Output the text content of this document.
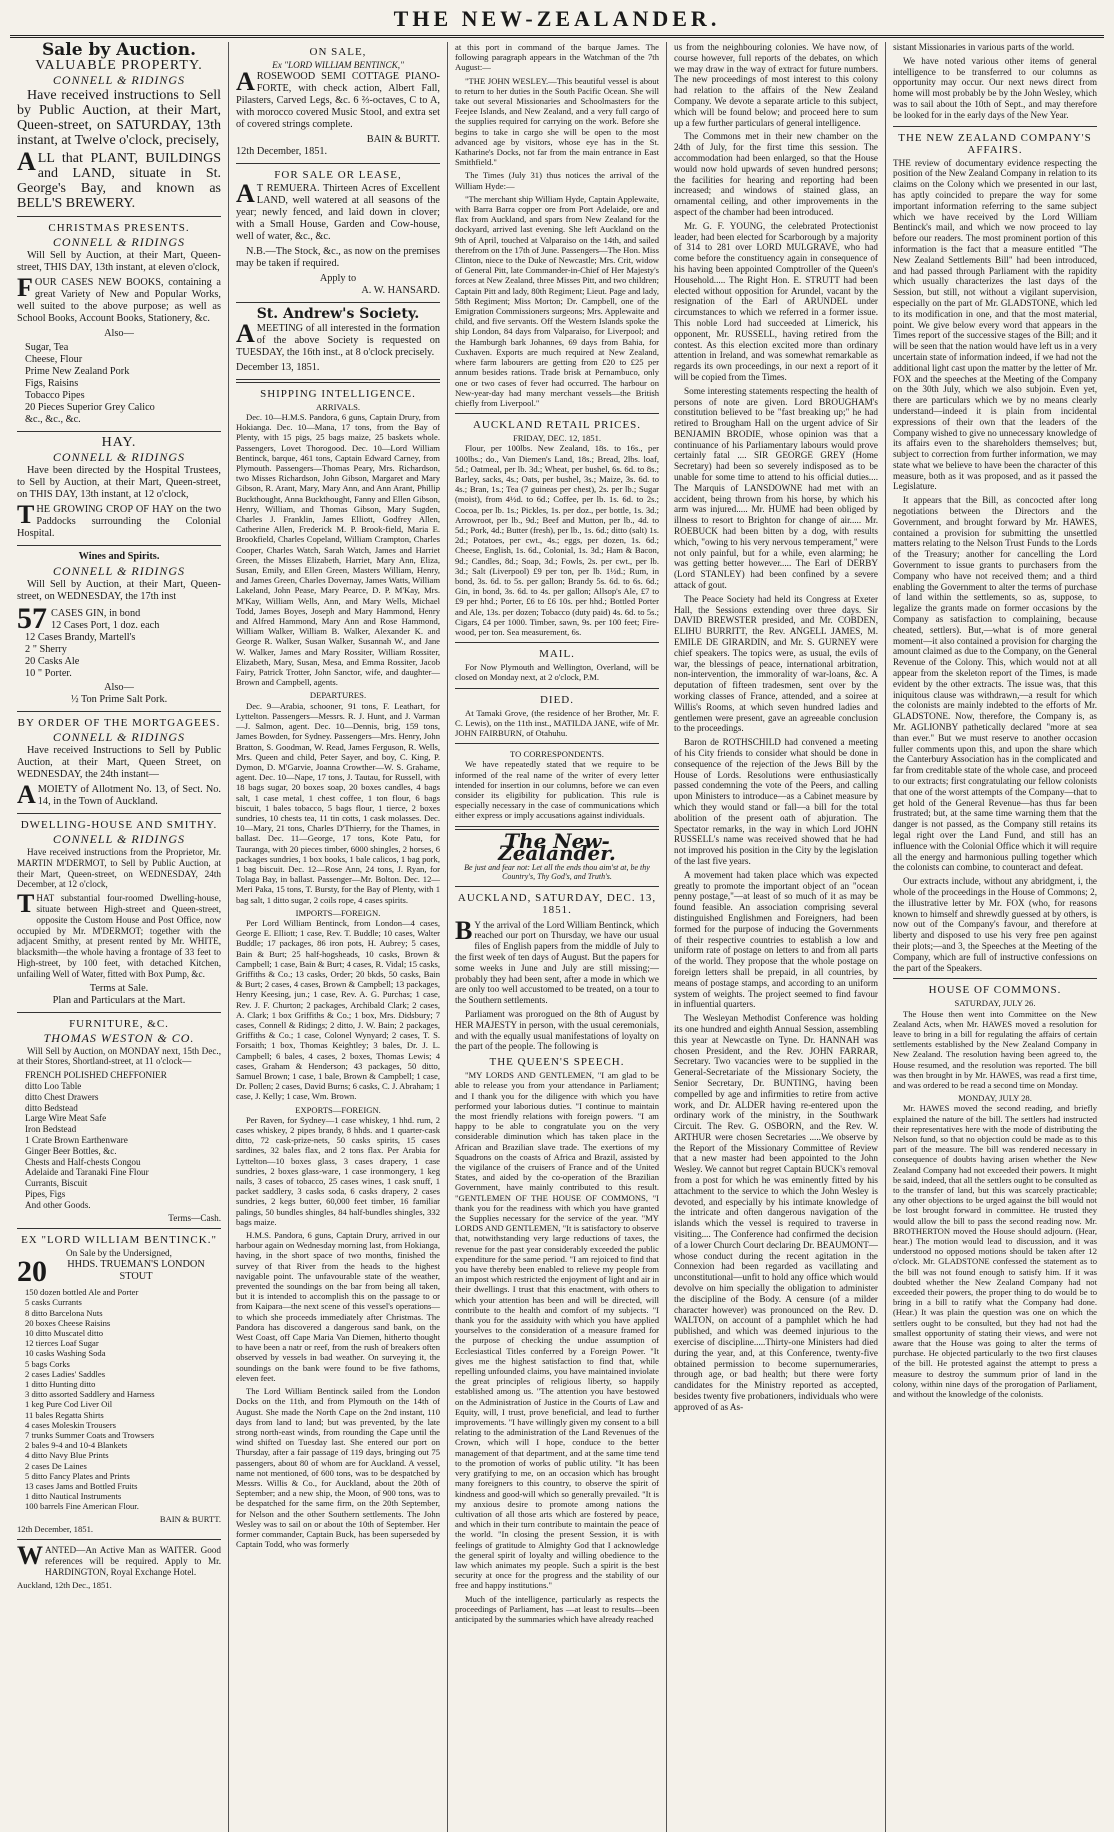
THE NEW-ZEALANDER.
Sale by Auction.
VALUABLE PROPERTY.
CONNELL & RIDINGS

Have received instructions to Sell by Public Auction, at their Mart, Queen-street, on SATURDAY, 13th instant, at Twelve o'clock, precisely,

ALL that PLANT, BUILDINGS and LAND, situate in St. George's Bay, and known as BELL'S BREWERY.

CHRISTMAS PRESENTS.
CONNELL & RIDINGS

Will Sell by Auction, at their Mart, Queen-street, THIS DAY, 13th instant, at eleven o'clock,

FOUR CASES NEW BOOKS, containing a great Variety of New and Popular Works, well suited to the above purpose; as well as School Books, Account Books, Stationery, &c.

Also—
Sugar, Tea
Cheese, Flour
Prime New Zealand Pork
Figs, Raisins
Tobacco Pipes
20 Pieces Superior Grey Calico
&c., &c., &c.
HAY.
CONNELL & RIDINGS

Have been directed by the Hospital Trustees, to Sell by Auction, at their Mart, Queen-street, on THIS DAY, 13th instant, at 12 o'clock,

THE GROWING CROP OF HAY on the two Paddocks surrounding the Colonial Hospital.

Wines and Spirits.
CONNELL & RIDINGS

Will Sell by Auction, at their Mart, Queen-street, on WEDNESDAY, the 17th inst

57 CASES GIN, in bond
12 Cases Port, 1 doz. each
12 Cases Brandy, Martell's
2 " Sherry
20 Casks Ale
10 " Porter.
Also—
½ Ton Prime Salt Pork.
BY ORDER OF THE MORTGAGEES.
CONNELL & RIDINGS

Have received Instructions to Sell by Public Auction, at their Mart, Queen Street, on WEDNESDAY, the 24th instant—

AMOIETY of Allotment No. 13, of Sect. No. 14, in the Town of Auckland.

DWELLING-HOUSE AND SMITHY.
CONNELL & RIDINGS

Have received instructions from the Proprietor, Mr. MARTIN M'DERMOT, to Sell by Public Auction, at their Mart, Queen-street, on WEDNESDAY, 24th December, at 12 o'clock,

THAT substantial four-roomed Dwelling-house, situate between High-street and Queen-street, opposite the Custom House and Post Office, now occupied by Mr. M'DERMOT; together with the adjacent Smithy, at present rented by Mr. WHITE, blacksmith—the whole having a frontage of 33 feet to High-street, by 100 feet, with detached Kitchen, unfailing Well of Water, fitted with Box Pump, &c.

Terms at Sale.
Plan and Particulars at the Mart.
FURNITURE, &C.
THOMAS WESTON & CO.

Will Sell by Auction, on MONDAY next, 15th Dec., at their Stores, Shortland-street, at 11 o'clock—

FRENCH POLISHED CHEFFONIER
ditto Loo Table
ditto Chest Drawers
ditto Bedstead
Large Wire Meat Safe
Iron Bedstead
1 Crate Brown Earthenware
Ginger Beer Bottles, &c.
Chests and Half-chests Congou
Adelaide and Taranaki Fine Flour
Currants, Biscuit
Pipes, Figs
And other Goods.
Terms—Cash.
EX "LORD WILLIAM BENTINCK."
On Sale by the Undersigned,
20	HHDS. TRUEMAN'S LONDON STOUT
150 dozen bottled Ale and Porter
5 casks Currants
8 ditto Barcelona Nuts
20 boxes Cheese Raisins
10 ditto Muscatel ditto
12 tierces Loaf Sugar
10 casks Washing Soda
5 bags Corks
2 cases Ladies' Saddles
1 ditto Hunting ditto
3 ditto assorted Saddlery and Harness
1 keg Pure Cod Liver Oil
11 bales Regatta Shirts
4 cases Moleskin Trousers
7 trunks Summer Coats and Trowsers
2 bales 9-4 and 10-4 Blankets
4 ditto Navy Blue Prints
2 cases De Laines
5 ditto Fancy Plates and Prints
13 cases Jams and Bottled Fruits
1 ditto Nautical Instruments
100 barrels Fine American Flour.
BAIN & BURTT.
12th December, 1851.

WANTED—An Active Man as WAITER. Good references will be required. Apply to Mr. HARDINGTON, Royal Exchange Hotel.

Auckland, 12th Dec., 1851.
ON SALE,
Ex "LORD WILLIAM BENTINCK,"

AROSEWOOD SEMI COTTAGE PIANO-FORTE, with check action, Albert Fall, Pilasters, Carved Legs, &c. 6 ⅔-octaves, C to A, with morocco covered Music Stool, and extra set of covered strings complete.

BAIN & BURTT.
12th December, 1851.
FOR SALE OR LEASE,

AT REMUERA. Thirteen Acres of Excellent LAND, well watered at all seasons of the year; newly fenced, and laid down in clover; with a Small House, Garden and Cow-house, well of water, &c., &c.

N.B.—The Stock, &c., as now on the premises may be taken if required.

Apply to
A. W. HANSARD.
St. Andrew's Society.

AMEETING of all interested in the formation of the above Society is requested on TUESDAY, the 16th inst., at 8 o'clock precisely.

December 13, 1851.
SHIPPING INTELLIGENCE.
ARRIVALS.

Dec. 10—H.M.S. Pandora, 6 guns, Captain Drury, from Hokianga. Dec. 10—Mana, 17 tons, from the Bay of Plenty, with 15 pigs, 25 bags maize, 25 baskets whole. Passengers, Lovet Thorogood. Dec. 10—Lord William Bentinck, barque, 461 tons, Captain Edward Carney, from Plymouth. Passengers—Thomas Peary, Mrs. Richardson, two Misses Richardson, John Gibson, Margaret and Mary Gibson, R. Arant, Mary, Mary Ann, and Ann Arant, Phillip Buckthought, Anna Buckthought, Fanny and Ellen Gibson, Henry, William, and Thomas Gibson, Mary Sugden, Charles J. Franklin, James Elliott, Godfrey Allen, Catherine Allen, Frederick M. P. Brook-field, Maria E. Brookfield, Charles Copeland, William Crampton, Charles Cooper, Charles Watch, Sarah Watch, James and Harriet Green, the Misses Elizabeth, Harriet, Mary Ann, Eliza, Susan, Emily, and Ellen Green, Masters William, Henry, and James Green, Charles Dovernay, James Watts, William Lakeland, John Pease, Mary Pearce, D. P. M'Kay, Mrs. M'Kay, William Wells, Ann, and Mary Wells, Michael Todd, James Boyes, Joseph and Mary Hammond, Henry and Alfred Hammond, Mary Ann and Rose Hammond, William Walker, William B. Walker, Alexander K. and George R. Walker, Susan Walker, Susannah W., and Jane W. Walker, James and Mary Rossiter, William Rossiter, Elizabeth, Mary, Susan, Mesa, and Emma Rossiter, Jacob Fairy, Patrick Trotter, John Sanctor, wife, and daughter—Brown and Campbell, agents.

DEPARTURES.

Dec. 9—Arabia, schooner, 91 tons, F. Leathart, for Lyttelton. Passengers—Messrs. R. J. Hunt, and J. Varman—J. Salmon, agent. Dec. 10—Dennis, brig, 159 tons, James Bowden, for Sydney. Passengers—Mrs. Henry, John Bratton, S. Goodman, W. Read, James Ferguson, R. Wells, Mrs. Queen and child, Peter Sayer, and boy, C. King, P. Dymon, D. M'Garvie, Joanna Crowther—W. S. Grahame, agent. Dec. 10—Nape, 17 tons, J. Tautau, for Russell, with 18 bags sugar, 20 boxes soap, 20 boxes candles, 4 bags salt, 1 case metal, 1 chest coffee, 1 ton flour, 6 bags biscuit, 1 bales tobacco, 5 bags flour, 1 tierce, 2 boxes sundries, 10 chests tea, 11 tin cotts, 1 cask molasses. Dec. 10—Mary, 21 tons, Charles D'Thierry, for the Thames, in ballast. Dec. 11—George, 17 tons, Kote Patu, for Tauranga, with 20 pieces timber, 6000 shingles, 2 horses, 6 packages sundries, 1 box books, 1 bale calicos, 1 bag pork, 1 bag biscuit. Dec. 12—Rose Ann, 24 tons, J. Ryan, for Tolaga Bay, in ballast. Passenger—Mr. Bolton. Dec. 12—Meri Paka, 15 tons, T. Bursty, for the Bay of Plenty, with 1 bag salt, 1 ditto sugar, 2 coils rope, 4 cases spirits.

IMPORTS—FOREIGN.

Per Lord William Bentinck, from London—4 cases, George E. Elliott; 1 case, Rev. T. Buddle; 10 cases, Walter Buddle; 17 packages, 86 iron pots, H. Aubrey; 5 cases, Bain & Burt; 25 half-hogsheads, 10 casks, Brown & Campbell; 1 case, Bain & Burt; 4 cases, R. Vidal; 15 casks, Griffiths & Co.; 13 casks, Order; 20 bkds, 50 casks, Bain & Burt; 2 cases, 4 cases, Brown & Campbell; 13 packages, Henry Keesing, jun.; 1 case, Rev. A. G. Purchas; 1 case, Rev. J. F. Churton; 2 packages, Archibald Clark; 2 cases, A. Clark; 1 box Griffiths & Co.; 1 box, Mrs. Didsbury; 7 cases, Connell & Ridings; 2 ditto, J. W. Bain; 2 packages, Griffiths & Co.; 1 case, Colonel Wynyard; 2 cases, T. S. Forsaith; 1 box, Thomas Keightley; 3 bales, Dr. J. L. Campbell; 6 bales, 4 cases, 2 boxes, Thomas Lewis; 4 cases, Graham & Henderson; 43 packages, 50 ditto, Samuel Brown; 1 case, 1 bale, Brown & Campbell; 1 case, Dr. Pollen; 2 cases, David Burns; 6 casks, C. J. Abraham; 1 case, J. Kelly; 1 case, Wm. Brown.

EXPORTS—FOREIGN.

Per Raven, for Sydney—1 case whiskey, 1 hhd. rum, 2 cases whiskey, 2 pipes brandy, 8 hhds. and 1 quarter-cask ditto, 72 cask-prize-nets, 50 casks spirits, 15 cases sardines, 32 bales flax, and 2 tons flax. Per Arabia for Lyttelton—10 boxes glass, 3 cases drapery, 1 case sundries, 2 boxes glass-ware, 1 case ironmongery, 1 keg nails, 3 cases of tobacco, 25 cases wines, 1 cask snuff, 1 packet saddlery, 3 casks soda, 6 casks drapery, 2 cases sundries, 2 kegs butter, 60,000 feet timber, 16 familiar palings, 50 bundles shingles, 84 half-bundles shingles, 332 bags maize.

H.M.S. Pandora, 6 guns, Captain Drury, arrived in our harbour again on Wednesday morning last, from Hokianga, having, in the short space of two months, finished the survey of that River from the heads to the highest navigable point. The unfavourable state of the weather, prevented the soundings on the bar from being all taken, but it is intended to accomplish this on the passage to or from Kaipara—the next scene of this vessel's operations—to which she proceeds immediately after Christmas. The Pandora has discovered a dangerous sand bank, on the West Coast, off Cape Maria Van Diemen, hitherto thought to have been a natr or reef, from the rush of breakers often observed by vessels in bad weather. On surveying it, the soundings on the bank were found to be five fathoms, eleven feet.

The Lord William Bentinck sailed from the London Docks on the 11th, and from Plymouth on the 14th of August. She made the North Cape on the 2nd instant, 110 days from land to land; but was prevented, by the late strong north-east winds, from rounding the Cape until the wind shifted on Tuesday last. She entered our port on Thursday, after a fair passage of 119 days, bringing out 75 passengers, about 80 of whom are for Auckland. A vessel, name not mentioned, of 600 tons, was to be despatched by Messrs. Willis & Co., for Auckland, about the 20th of September; and a new ship, the Moon, of 900 tons, was to be despatched for the same firm, on the 20th September, for Nelson and the other Southern settlements. The John Wesley was to sail on or about the 10th of September. Her former commander, Captain Buck, has been superseded by Captain Todd, who was formerly

at this port in command of the barque James. The following paragraph appears in the Watchman of the 7th August:—

"THE JOHN WESLEY.—This beautiful vessel is about to return to her duties in the South Pacific Ocean. She will take out several Missionaries and Schoolmasters for the Feejee Islands, and New Zealand, and a very full cargo of the supplies required for carrying on the work. Before she begins to take in cargo she will be open to the most advanced age by visitors, whose eye has in the St. Katharine's Docks, not far from the main entrance in East Smithfield."

The Times (July 31) thus notices the arrival of the William Hyde:—

"The merchant ship William Hyde, Captain Applewaite, with Barra Barra copper ore from Port Adelaide, ore and flax from Auckland, and spars from New Zealand for the dockyard, arrived last evening. She left Auckland on the 9th of April, touched at Valparaiso on the 14th, and sailed therefrom on the 17th of June. Passengers—The Hon. Miss Clinton, niece to the Duke of Newcastle; Mrs. Crit, widow of General Pitt, late Commander-in-Chief of Her Majesty's forces at New Zealand, three Misses Pitt, and two children; Captain Pitt and lady, 80th Regiment; Lieut. Page and lady, 58th Regiment; Miss Morton; Dr. Campbell, one of the Emigration Commissioners surgeons; Mrs. Applewaite and child, and five servants. Off the Western Islands spoke the ship London, 84 days from Valparaiso, for Liverpool; and the Hamburgh bark Johannes, 69 days from Bahia, for Cuxhaven. Exports are much required at New Zealand, where farm labourers are getting from £20 to £25 per annum besides rations. Trade brisk at Pernambuco, only one or two cases of fever had occurred. The harbour on New-year-day had many merchant vessels—the British chiefly from Liverpool."

AUCKLAND RETAIL PRICES.
FRIDAY, DEC. 12, 1851.

Flour, per 100lbs. New Zealand, 18s. to 16s., per 100lbs.; do., Van Diemen's Land, 18s.; Bread, 2lbs. loaf, 5d.; Oatmeal, per lb. 3d.; Wheat, per bushel, 6s. 6d. to 8s.; Barley, sacks, 4s.; Oats, per bushel, 3s.; Maize, 3s. 6d. to 4s.; Bran, 1s.; Tea (7 guineas per chest), 2s. per lb.; Sugar (moist), from 4½d. to 6d.; Coffee, per lb. 1s. 6d. to 2s.; Cocoa, per lb. 1s.; Pickles, 1s. per doz., per bottle, 1s. 3d.; Arrowroot, per lb., 9d.; Beef and Mutton, per lb., 4d. to 5d.; Pork, 4d.; Butter (fresh), per lb., 1s. 6d.; ditto (salt) 1s. 2d.; Potatoes, per cwt., 4s.; eggs, per dozen, 1s. 6d.; Cheese, English, 1s. 6d., Colonial, 1s. 3d.; Ham & Bacon, 9d.; Candles, 8d.; Soap, 3d.; Fowls, 2s. per cwt., per lb. 3d.; Salt (Liverpool) £9 per ton, per lb. 1½d.; Rum, in bond, 3s. 6d. to 5s. per gallon; Brandy 5s. 6d. to 6s. 6d.; Gin, in bond, 3s. 6d. to 4s. per gallon; Allsop's Ale, £7 to £9 per hhd.; Porter, £6 to £6 10s. per hhd.; Bottled Porter and Ale, 13s. per dozen; Tobacco (duty paid) 4s. 6d. to 5s.; Cigars, £4 per 1000. Timber, sawn, 9s. per 100 feet; Fire-wood, per ton. Sea measurement, 6s.

MAIL.

For Now Plymouth and Wellington, Overland, will be closed on Monday next, at 2 o'clock, P.M.

DIED.

At Tamaki Grove, (the residence of her Brother, Mr. F. C. Lewis), on the 11th inst., MATILDA JANE, wife of Mr. JOHN FAIRBURN, of Otahuhu.

TO CORRESPONDENTS.

We have repeatedly stated that we require to be informed of the real name of the writer of every letter intended for insertion in our columns, before we can even consider its eligibility for publication. This rule is especially necessary in the case of communications which either express or imply accusations against individuals.

The New-Zealander.
Be just and fear not: Let all the ends thou aim'st at, be thy Country's, Thy God's, and Truth's.
AUCKLAND, SATURDAY, DEC. 13, 1851.

BY the arrival of the Lord William Bentinck, which reached our port on Thursday, we have our usual files of English papers from the middle of July to the first week of ten days of August. But the papers for some weeks in June and July are still missing;—probably they had been sent, after a mode in which we are only too well accustomed to be treated, on a tour to the Southern settlements.

Parliament was prorogued on the 8th of August by HER MAJESTY in person, with the usual ceremonials, and with the equally usual manifestations of loyalty on the part of the people. The following is

THE QUEEN'S SPEECH.

"MY LORDS AND GENTLEMEN, "I am glad to be able to release you from your attendance in Parliament; and I thank you for the diligence with which you have performed your laborious duties. "I continue to maintain the most friendly relations with foreign powers. "I am happy to be able to congratulate you on the very considerable diminution which has taken place in the African and Brazilian slave trade. The exertions of my Squadrons on the coasts of Africa and Brazil, assisted by the vigilance of the cruisers of France and of the United States, and aided by the co-operation of the Brazilian Government, have mainly contributed to this result. "GENTLEMEN OF THE HOUSE OF COMMONS, "I thank you for the readiness with which you have granted the Supplies necessary for the service of the year. "MY LORDS AND GENTLEMEN, "It is satisfactory to observe that, notwithstanding very large reductions of taxes, the revenue for the past year considerably exceeded the public expenditure for the same period. "I am rejoiced to find that you have thereby been enabled to relieve my people from an impost which restricted the enjoyment of light and air in their dwellings. I trust that this enactment, with others to which your attention has been and will be directed, will contribute to the health and comfort of my subjects. "I thank you for the assiduity with which you have applied yourselves to the consideration of a measure framed for the purpose of checking the undue assumption of Ecclesiastical Titles conferred by a Foreign Power. "It gives me the highest satisfaction to find that, while repelling unfounded claims, you have maintained inviolate the great principles of religious liberty, so happily established among us. "The attention you have bestowed on the Administration of Justice in the Courts of Law and Equity, will, I trust, prove beneficial, and lead to further improvements. "I have willingly given my consent to a bill relating to the administration of the Land Revenues of the Crown, which will I hope, conduce to the better management of that department, and at the same time tend to the promotion of works of public utility. "It has been very gratifying to me, on an occasion which has brought many foreigners to this country, to observe the spirit of kindness and good-will which so generally prevailed. "It is my anxious desire to promote among nations the cultivation of all those arts which are fostered by peace, and which in their turn contribute to maintain the peace of the world. "In closing the present Session, it is with feelings of gratitude to Almighty God that I acknowledge the general spirit of loyalty and willing obedience to the law which animates my people. Such a spirit is the best security at once for the progress and the stability of our free and happy institutions."

Much of the intelligence, particularly as respects the proceedings of Parliament, has —at least to results—been anticipated by the summaries which have already reached

us from the neighbouring colonies. We have now, of course however, full reports of the debates, on which we may draw in the way of extract for future numbers. The new proceedings of most interest to this colony had relation to the affairs of the New Zealand Company. We devote a separate article to this subject, which will be found below; and proceed here to sum up a few further particulars of general intelligence.

The Commons met in their new chamber on the 24th of July, for the first time this session. The accommodation had been enlarged, so that the House would now hold upwards of seven hundred persons; the facilities for hearing and reporting had been increased; and windows of stained glass, an ornamental ceiling, and other improvements in the aspect of the chamber had been introduced.

Mr. G. F. YOUNG, the celebrated Protectionist leader, had been elected for Scarborough by a majority of 314 to 281 over LORD MULGRAVE, who had come before the constituency again in consequence of his having been appointed Comptroller of the Queen's Household..... The Right Hon. E. STRUTT had been elected without opposition for Arundel, vacant by the resignation of the Earl of ARUNDEL under circumstances to which we referred in a former issue. This noble Lord had succeeded at Limerick, his opponent, Mr. RUSSELL, having retired from the contest. As this election excited more than ordinary attention in Ireland, and was somewhat remarkable as regards its own proceedings, in our next a report of it will be copied from the Times.

Some interesting statements respecting the health of persons of note are given. Lord BROUGHAM's constitution believed to be "fast breaking up;" he had retired to Brougham Hall on the urgent advice of Sir BENJAMIN BRODIE, whose opinion was that a continuance of his Parliamentary labours would prove certainly fatal .... SIR GEORGE GREY (Home Secretary) had been so severely indisposed as to be unable for some time to attend to his official duties.... The Marquis of LANSDOWNE had met with an accident, being thrown from his horse, by which his arm was injured..... Mr. HUME had been obliged by illness to resort to Brighton for change of air..... Mr. ROEBUCK had been bitten by a dog, with results which, "owing to his very nervous temperament," were not only painful, but for a while, even alarming; he was getting better however..... The Earl of DERBY (Lord STANLEY) had been confined by a severe attack of gout.

The Peace Society had held its Congress at Exeter Hall, the Sessions extending over three days. Sir DAVID BREWSTER presided, and Mr. COBDEN, ELIHU BURRITT, the Rev. ANGELL JAMES, M. EMILE DE GIRARDIN, and Mr. S. GURNEY were chief speakers. The topics were, as usual, the evils of war, the blessings of peace, international arbitration, non-intervention, the immorality of war-loans, &c. A deputation of fifteen tradesmen, sent over by the working classes of France, attended, and a soiree at Willis's Rooms, at which seven hundred ladies and gentlemen were present, gave an agreeable conclusion to the proceedings.

Baron de ROTHSCHILD had convened a meeting of his City friends to consider what should be done in consequence of the rejection of the Jews Bill by the House of Lords. Resolutions were enthusiastically passed condemning the vote of the Peers, and calling upon Ministers to introduce—as a Cabinet measure by which they would stand or fall—a bill for the total abolition of the present oath of abjuration. The Spectator remarks, in the way in which Lord JOHN RUSSELL's name was received showed that he had not improved his position in the City by the legislation of the last five years.

A movement had taken place which was expected greatly to promote the important object of an "ocean penny postage,"—at least of so much of it as may be found feasible. An association comprising several distinguished Englishmen and Foreigners, had been formed for the purpose of inducing the Governments of their respective countries to establish a low and uniform rate of postage on letters to and from all parts of the world. They propose that the whole postage on foreign letters shall be prepaid, in all countries, by means of postage stamps, and according to an uniform system of weights. The project seemed to find favour in influential quarters.

The Wesleyan Methodist Conference was holding its one hundred and eighth Annual Session, assembling this year at Newcastle on Tyne. Dr. HANNAH was chosen President, and the Rev. JOHN FARRAR, Secretary. Two vacancies were to be supplied in the General-Secretariate of the Missionary Society, the Senior Secretary, Dr. BUNTING, having been compelled by age and infirmities to retire from active work, and Dr. ALDER having re-entered upon the ordinary work of the ministry, in the Southwark Circuit. The Rev. G. OSBORN, and the Rev. W. ARTHUR were chosen Secretaries .....We observe by the Report of the Missionary Committee of Review that a new master had been appointed to the John Wesley. We cannot but regret Captain BUCK's removal from a post for which he was eminently fitted by his attachment to the service to which the John Wesley is devoted, and especially by his intimate knowledge of the intricate and often dangerous navigation of the islands which the vessel is required to traverse in visiting.... The Conference had confirmed the decision of a lower Church Court declaring Dr. BEAUMONT—whose conduct during the recent agitation in the Connexion had been regarded as vacillating and unconstitutional—unfit to hold any office which would devolve on him specially the obligation to administer the discipline of the Body. A censure (of a milder character however) was pronounced on the Rev. D. WALTON, on account of a pamphlet which he had published, and which was deemed injurious to the exercise of discipline.....Thirty-one Ministers had died during the year, and, at this Conference, twenty-five obtained permission to become supernumeraries, through age, or bad health; but there were forty candidates for the Ministry reported as accepted, besides twenty five probationers, individuals who were approved of as As-

sistant Missionaries in various parts of the world.

We have noted various other items of general intelligence to be transferred to our columns as opportunity may occur. Our next news direct from home will most probably be by the John Wesley, which was to sail about the 10th of Sept., and may therefore be looked for in the early days of the New Year.

THE NEW ZEALAND COMPANY'S AFFAIRS.

THE review of documentary evidence respecting the position of the New Zealand Company in relation to its claims on the Colony which we presented in our last, has aptly coincided to prepare the way for some important information referring to the same subject which we have received by the Lord William Bentinck's mail, and which we now proceed to lay before our readers. The most prominent portion of this information is the fact that a measure entitled "The New Zealand Settlements Bill" had been introduced, and had passed through Parliament with the rapidity which usually characterizes the last days of the Session, but still, not without a vigilant supervision, especially on the part of Mr. GLADSTONE, which led to its modification in one, and that the most material, point. We give below every word that appears in the Times report of the successive stages of the Bill; and it will be seen that the nation would have left us in a very uncertain state of information indeed, if we had not the additional light cast upon the matter by the letter of Mr. FOX and the speeches at the Meeting of the Company on the 30th July, which we also subjoin. Even yet, there are particulars which we by no means clearly understand—indeed it is plain from incidental expressions of their own that the leaders of the Company wished to give no unnecessary knowledge of its affairs even to the shareholders themselves; but, subject to correction from further information, we may state what we believe to have been the character of this measure, both as it was proposed, and as it passed the Legislature.

It appears that the Bill, as concocted after long negotiations between the Directors and the Government, and brought forward by Mr. HAWES, contained a provision for submitting the unsettled matters relating to the Nelson Trust Funds to the Lords of the Treasury; another for cancelling the Lord Government to issue grants to purchasers from the Company who have not received them; and a third enabling the Government to alter the terms of purchase of land within the settlements, so as, suppose, to legalize the grants made on former occasions by the Company as satisfaction to complaining, because cheated, settlers). But,—what is of more general moment—it also contained a provision for charging the amount claimed as due to the Company, on the General Revenue of the Colony. This, which would not at all appear from the skeleton report of the Times, is made evident by the other extracts. The issue was, that this iniquitous clause was withdrawn,—a result for which the colonists are mainly indebted to the efforts of Mr. GLADSTONE. Now, therefore, the Company is, as Mr. AGLIONBY pathetically declared "more at sea than ever." But we must reserve to another occasion fuller comments upon this, and upon the share which the Canterbury Association has in the complicated and far from creditable state of the whole case, and proceed to our extracts; first congratulating our fellow colonists that one of the worst attempts of the Company—that to get hold of the General Revenue—has thus far been frustrated; but, at the same time warning them that the danger is not passed, as the Company still retains its legal right over the Land Fund, and still has an influence with the Colonial Office which it will require all the energy and harmonious pulling together which the colonists can combine, to counteract and defeat.

Our extracts include, without any abridgment, i, the whole of the proceedings in the House of Commons; 2, the illustrative letter by Mr. FOX (who, for reasons known to himself and shrewdly guessed at by others, is now out of the Company's favour, and therefore at liberty and disposed to use his very free pen against their plots;—and 3, the Speeches at the Meeting of the Company, which are full of instructive confessions on the part of the Speakers.

HOUSE OF COMMONS.
SATURDAY, JULY 26.

The House then went into Committee on the New Zealand Acts, when Mr. HAWES moved a resolution for leave to bring in a bill for regulating the affairs of certain settlements established by the New Zealand Company in New Zealand. The resolution having been agreed to, the House resumed, and the resolution was reported. The bill was then brought in by Mr. HAWES, was read a first time, and was ordered to be read a second time on Monday.

MONDAY, JULY 28.

Mr. HAWES moved the second reading, and briefly explained the nature of the bill. The settlers had instructed their representatives here with the mode of distributing the Nelson fund, so that no objection could be made as to this part of the measure. The bill was rendered necessary in consequence of doubts having arisen whether the New Zealand Company had not exceeded their powers. It might be said, indeed, that all the settlers ought to be consulted as to the transfer of land, but this was scarcely practicable; any other objections to be urged against the bill would not be lost brought forward in committee. He trusted they would allow the bill to pass the second reading now. Mr. BROTHERTON moved the House should adjourn. (Hear, hear.) The motion would lead to discussion, and it was understood no opposed motions should be taken after 12 o'clock. Mr. GLADSTONE confessed the statement as to the bill was not found enough to satisfy him. If it was doubted whether the New Zealand Company had not exceeded their powers, the proper thing to do would be to bring in a bill to ratify what the Company had done. (Hear.) It was plain the question was one on which the settlers ought to be consulted, but they had not had the smallest opportunity of stating their views, and were not aware that the House was going to alter the terms of purchase. He objected particularly to the two first clauses of the bill. He protested against the attempt to press a measure to destroy the summum prior of land in the colony, within nine days of the prorogation of Parliament, and without the knowledge of the colonists.
